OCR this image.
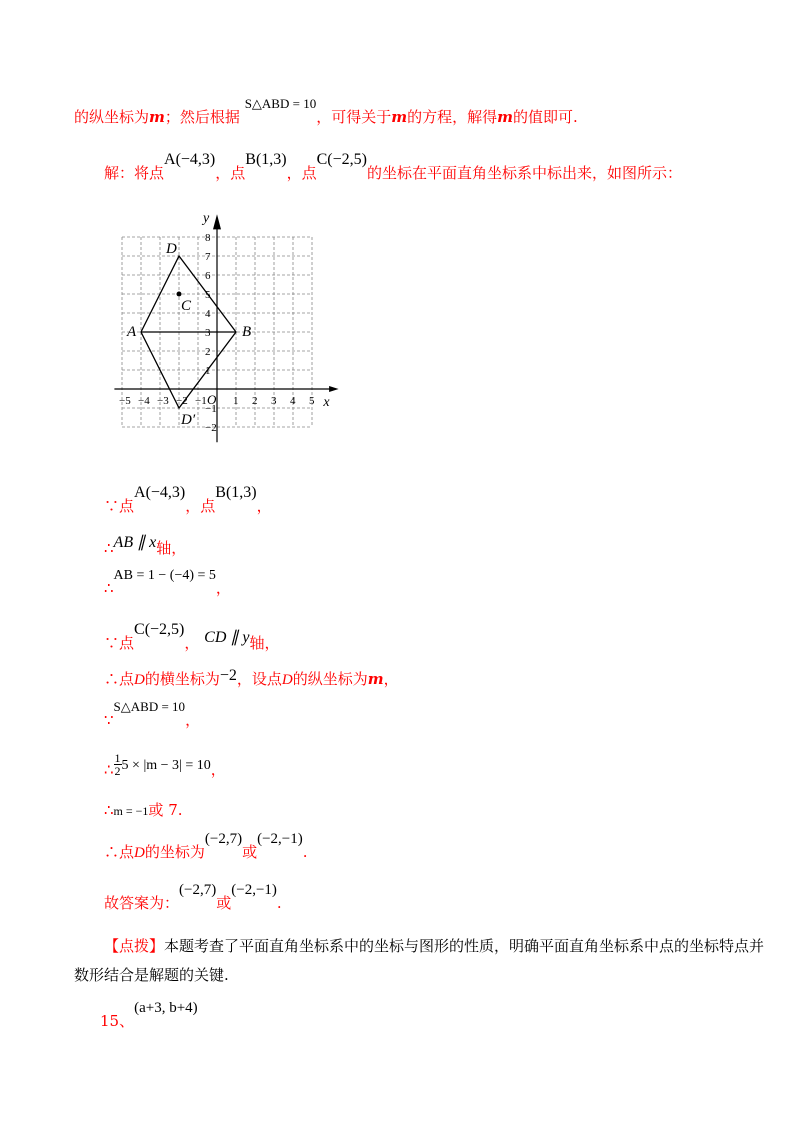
的纵坐标为m；然后根据 S△ABD = 10，可得关于m的方程，解得m的值即可.
解：将点A(−4,3)，点B(1,3)，点C(−2,5)的坐标在平面直角坐标系中标出来，如图所示：
−5 −4 −3 −2 −1 O 1 2 3 4 5
8
7
6
5
4
3
2
1
−1
−2
x
y
A	B
C
D
D′
∵点A(−4,3)，点B(1,3)，
∴AB ∥ x轴，
∴AB = 1 − (−4) = 5，
∵点C(−2,5)， CD ∥ y轴，
∴点D的横坐标为−2，设点D的纵坐标为m，
∵S△ABD = 10，
∴ $\frac{1}{2} 5 \times |m - 3| = 10$，
∴m = −1或 7.
∴点D的坐标为(−2,7)或(−2,−1).
故答案为：(−2,7)或(−2,−1).
【点拨】本题考查了平面直角坐标系中的坐标与图形的性质，明确平面直角坐标系中点的坐标特点并
数形结合是解题的关键.
15、(a+3, b+4)
